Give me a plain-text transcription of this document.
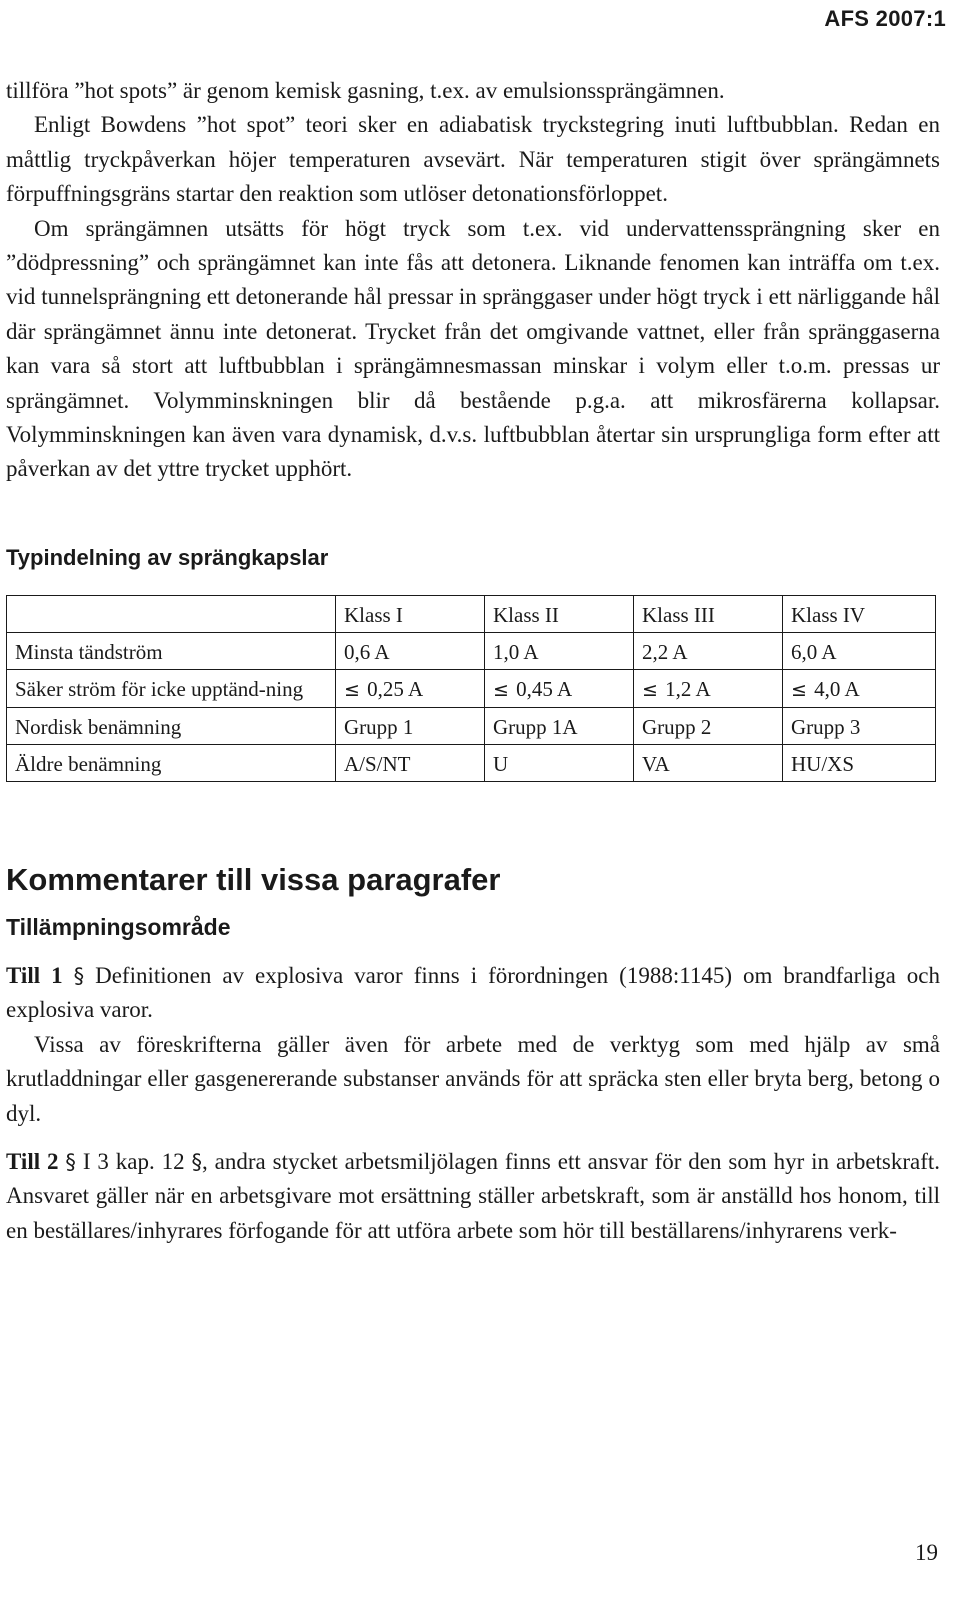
AFS 2007:1

tillföra ”hot spots” är genom kemisk gasning, t.ex. av emulsionssprängämnen.

Enligt Bowdens ”hot spot” teori sker en adiabatisk tryckstegring inuti luftbubblan. Redan en måttlig tryckpåverkan höjer temperaturen avsevärt. När temperaturen stigit över sprängämnets förpuffningsgräns startar den reaktion som utlöser detonationsförloppet.

Om sprängämnen utsätts för högt tryck som t.ex. vid undervattenssprängning sker en ”dödpressning” och sprängämnet kan inte fås att detonera. Liknande fenomen kan inträffa om t.ex. vid tunnelsprängning ett detonerande hål pressar in spränggaser under högt tryck i ett närliggande hål där sprängämnet ännu inte detonerat. Trycket från det omgivande vattnet, eller från spränggaserna kan vara så stort att luftbubblan i sprängämnesmassan minskar i volym eller t.o.m. pressas ur sprängämnet. Volymminskningen blir då bestående p.g.a. att mikrosfärerna kollapsar. Volymminskningen kan även vara dynamisk, d.v.s. luftbubblan återtar sin ursprungliga form efter att påverkan av det yttre trycket upphört.

Typindelning av sprängkapslar
	Klass I	Klass II	Klass III	Klass IV
Minsta tändström	0,6 A	1,0 A	2,2 A	6,0 A
Säker ström för icke upptänd-ning	≤ 0,25 A	≤ 0,45 A	≤ 1,2 A	≤ 4,0 A
Nordisk benämning	Grupp 1	Grupp 1A	Grupp 2	Grupp 3
Äldre benämning	A/S/NT	U	VA	HU/XS
Kommentarer till vissa paragrafer
Tillämpningsområde

Till 1 § Definitionen av explosiva varor finns i förordningen (1988:1145) om brandfarliga och explosiva varor.

Vissa av föreskrifterna gäller även för arbete med de verktyg som med hjälp av små krutladdningar eller gasgenererande substanser används för att spräcka sten eller bryta berg, betong o dyl.

Till 2 § I 3 kap. 12 §, andra stycket arbetsmiljölagen finns ett ansvar för den som hyr in arbetskraft. Ansvaret gäller när en arbetsgivare mot ersättning ställer arbetskraft, som är anställd hos honom, till en beställares/inhyrares förfogande för att utföra arbete som hör till beställarens/inhyrarens verk-

19
